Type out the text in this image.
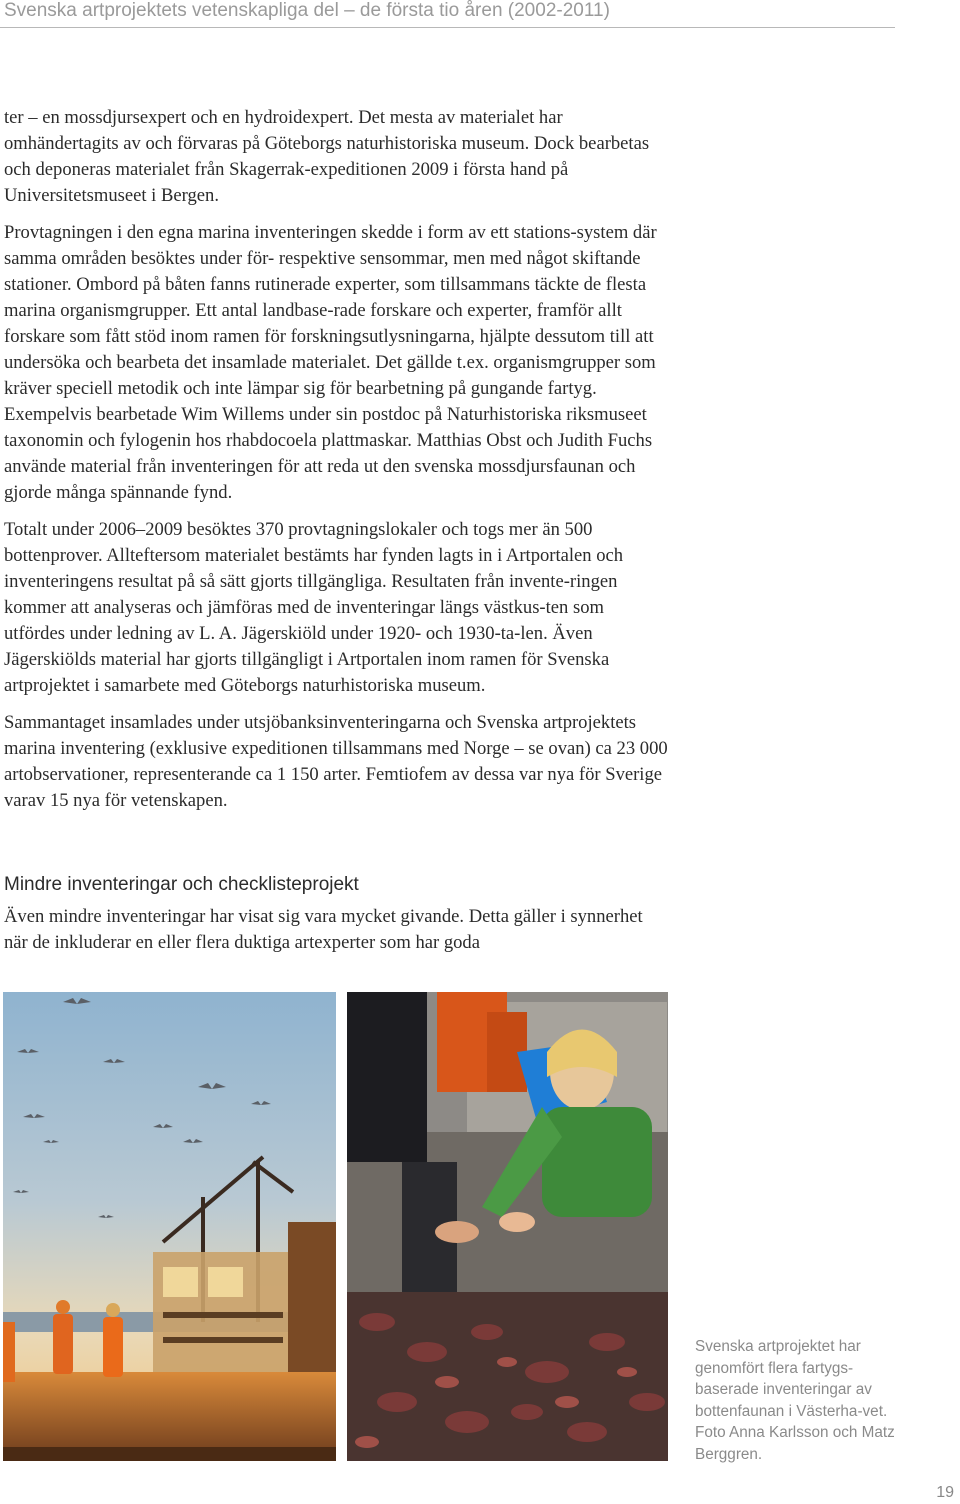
Svenska artprojektets vetenskapliga del – de första tio åren (2002-2011)

ter – en mossdjursexpert och en hydroidexpert. Det mesta av materialet har omhändertagits av och förvaras på Göteborgs naturhistoriska museum. Dock bearbetas och deponeras materialet från Skagerrak-expeditionen 2009 i första hand på Universitetsmuseet i Bergen.

Provtagningen i den egna marina inventeringen skedde i form av ett stations-system där samma områden besöktes under för- respektive sensommar, men med något skiftande stationer. Ombord på båten fanns rutinerade experter, som tillsammans täckte de flesta marina organismgrupper. Ett antal landbase-rade forskare och experter, framför allt forskare som fått stöd inom ramen för forskningsutlysningarna, hjälpte dessutom till att undersöka och bearbeta det insamlade materialet. Det gällde t.ex. organismgrupper som kräver speciell metodik och inte lämpar sig för bearbetning på gungande fartyg. Exempelvis bearbetade Wim Willems under sin postdoc på Naturhistoriska riksmuseet taxonomin och fylogenin hos rhabdocoela plattmaskar. Matthias Obst och Judith Fuchs använde material från inventeringen för att reda ut den svenska mossdjursfaunan och gjorde många spännande fynd.

Totalt under 2006–2009 besöktes 370 provtagningslokaler och togs mer än 500 bottenprover. Allteftersom materialet bestämts har fynden lagts in i Artportalen och inventeringens resultat på så sätt gjorts tillgängliga. Resultaten från invente-ringen kommer att analyseras och jämföras med de inventeringar längs västkus-ten som utfördes under ledning av L. A. Jägerskiöld under 1920- och 1930-ta-len. Även Jägerskiölds material har gjorts tillgängligt i Artportalen inom ramen för Svenska artprojektet i samarbete med Göteborgs naturhistoriska museum.

Sammantaget insamlades under utsjöbanksinventeringarna och Svenska artprojektets marina inventering (exklusive expeditionen tillsammans med Norge – se ovan) ca 23 000 artobservationer, representerande ca 1 150 arter. Femtiofem av dessa var nya för Sverige varav 15 nya för vetenskapen.

Mindre inventeringar och checklisteprojekt

Även mindre inventeringar har visat sig vara mycket givande. Detta gäller i synnerhet när de inkluderar en eller flera duktiga artexperter som har goda

Svenska artprojektet har genomfört flera fartygs-baserade inventeringar av bottenfaunan i Västerha-vet. Foto Anna Karlsson och Matz Berggren.
19
